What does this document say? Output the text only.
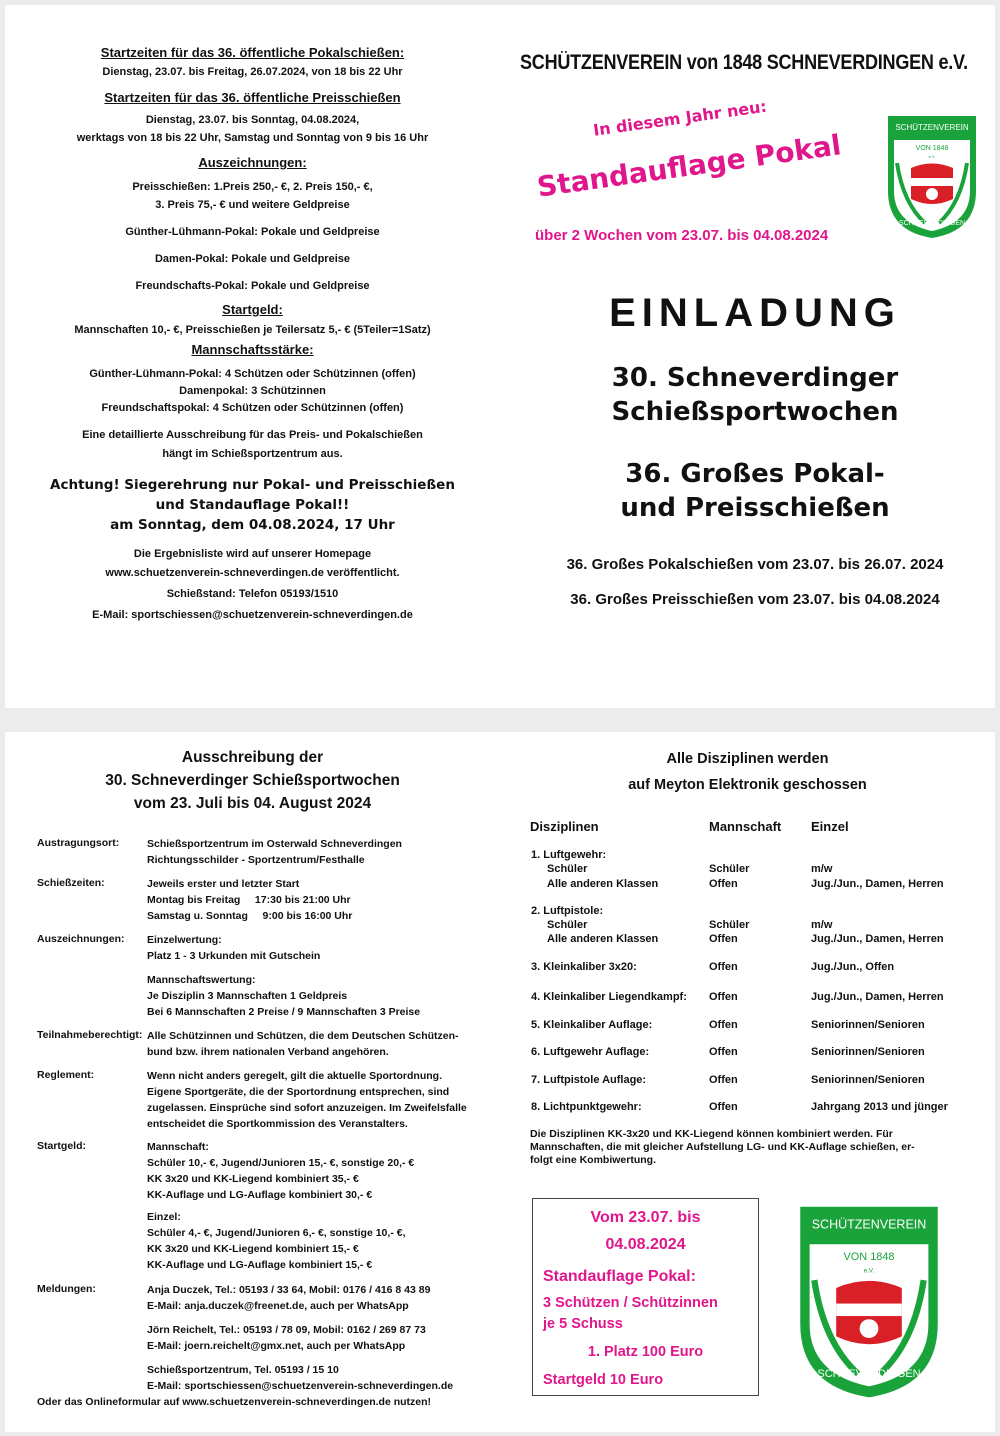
Startzeiten für das 36. öffentliche Pokalschießen:
Dienstag, 23.07. bis Freitag, 26.07.2024, von 18 bis 22 Uhr
Startzeiten für das 36. öffentliche Preisschießen
Dienstag, 23.07. bis Sonntag, 04.08.2024,
werktags von 18 bis 22 Uhr, Samstag und Sonntag von 9 bis 16 Uhr
Auszeichnungen:
Preisschießen: 1.Preis 250,- €, 2. Preis 150,- €,
3. Preis 75,- € und weitere Geldpreise
Günther-Lühmann-Pokal: Pokale und Geldpreise
Damen-Pokal: Pokale und Geldpreise
Freundschafts-Pokal: Pokale und Geldpreise
Startgeld:
Mannschaften 10,- €, Preisschießen je Teilersatz 5,- € (5Teiler=1Satz)
Mannschaftsstärke:
Günther-Lühmann-Pokal: 4 Schützen oder Schützinnen (offen)
Damenpokal: 3 Schützinnen
Freundschaftspokal: 4 Schützen oder Schützinnen (offen)
Eine detaillierte Ausschreibung für das Preis- und Pokalschießen
hängt im Schießsportzentrum aus.
Achtung! Siegerehrung nur Pokal- und Preisschießen
und Standauflage Pokal!!
am Sonntag, dem 04.08.2024, 17 Uhr
Die Ergebnisliste wird auf unserer Homepage
www.schuetzenverein-schneverdingen.de veröffentlicht.
Schießstand: Telefon 05193/1510
E-Mail: sportschiessen@schuetzenverein-schneverdingen.de
SCHÜTZENVEREIN von 1848 SCHNEVERDINGEN e.V.
In diesem Jahr neu:
Standauflage Pokal
über 2 Wochen vom 23.07. bis 04.08.2024
SCHÜTZENVEREIN
VON 1848
e.V.
SCHNEVERDINGEN
EINLADUNG
30. Schneverdinger
Schießsportwochen
36. Großes Pokal-
und Preisschießen
36. Großes Pokalschießen vom 23.07. bis 26.07. 2024
36. Großes Preisschießen vom 23.07. bis 04.08.2024
Ausschreibung der
30. Schneverdinger Schießsportwochen
vom 23. Juli bis 04. August 2024
Austragungsort:	Schießsportzentrum im Osterwald Schneverdingen
Richtungsschilder - Sportzentrum/Festhalle
Schießzeiten:	Jeweils erster und letzter Start
Montag bis Freitag     17:30 bis 21:00 Uhr
Samstag u. Sonntag     9:00 bis 16:00 Uhr
Auszeichnungen: Einzelwertung:
Platz 1 - 3 Urkunden mit Gutschein
Mannschaftswertung:
Je Disziplin 3 Mannschaften 1 Geldpreis
Bei 6 Mannschaften 2 Preise / 9 Mannschaften 3 Preise
Teilnahmeberechtigt: Alle Schützinnen und Schützen, die dem Deutschen Schützen-
bund bzw. ihrem nationalen Verband angehören.
Reglement:	Wenn nicht anders geregelt, gilt die aktuelle Sportordnung.
Eigene Sportgeräte, die der Sportordnung entsprechen, sind
zugelassen. Einsprüche sind sofort anzuzeigen. Im Zweifelsfalle
entscheidet die Sportkommission des Veranstalters.
Startgeld:	Mannschaft:
Schüler 10,- €, Jugend/Junioren 15,- €, sonstige 20,- €
KK 3x20 und KK-Liegend kombiniert 35,- €
KK-Auflage und LG-Auflage kombiniert 30,- €
Einzel:
Schüler 4,- €, Jugend/Junioren 6,- €, sonstige 10,- €,
KK 3x20 und KK-Liegend kombiniert 15,- €
KK-Auflage und LG-Auflage kombiniert 15,- €
Meldungen:	Anja Duczek, Tel.: 05193 / 33 64, Mobil: 0176 / 416 8 43 89
E-Mail: anja.duczek@freenet.de, auch per WhatsApp
Jörn Reichelt, Tel.: 05193 / 78 09, Mobil: 0162 / 269 87 73
E-Mail: joern.reichelt@gmx.net, auch per WhatsApp
Schießsportzentrum, Tel. 05193 / 15 10
E-Mail: sportschiessen@schuetzenverein-schneverdingen.de
Oder das Onlineformular auf www.schuetzenverein-schneverdingen.de nutzen!
Alle Disziplinen werden
auf Meyton Elektronik geschossen
Disziplinen	Mannschaft Einzel
1. Luftgewehr:
Schüler	Schüler	m/w
Alle anderen Klassen	Offen	Jug./Jun., Damen, Herren
2. Luftpistole:
Schüler	Schüler	m/w
Alle anderen Klassen	Offen	Jug./Jun., Damen, Herren
3. Kleinkaliber 3x20:	Offen	Jug./Jun., Offen
4. Kleinkaliber Liegendkampf: Offen	Jug./Jun., Damen, Herren
5. Kleinkaliber Auflage:	Offen	Seniorinnen/Senioren
6. Luftgewehr Auflage:	Offen	Seniorinnen/Senioren
7. Luftpistole Auflage:	Offen	Seniorinnen/Senioren
8. Lichtpunktgewehr:	Offen	Jahrgang 2013 und jünger
Die Disziplinen KK-3x20 und KK-Liegend können kombiniert werden. Für
Mannschaften, die mit gleicher Aufstellung LG- und KK-Auflage schießen, er-
folgt eine Kombiwertung.
Vom 23.07. bis
04.08.2024
Standauflage Pokal:
3 Schützen / Schützinnen
je 5 Schuss
1. Platz 100 Euro
Startgeld 10 Euro
SCHÜTZENVEREIN
VON 1848
e.V.
SCHNEVERDINGEN
